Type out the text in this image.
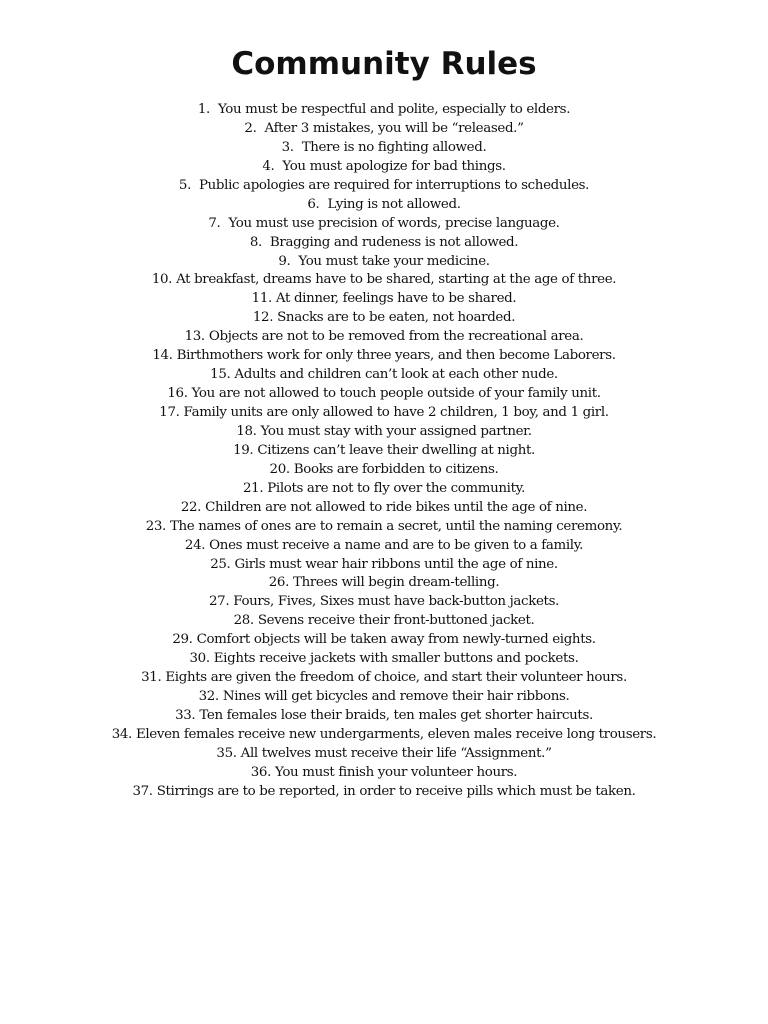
Community Rules
1. You must be respectful and polite, especially to elders.
2. After 3 mistakes, you will be “released.”
3. There is no fighting allowed.
4. You must apologize for bad things.
5. Public apologies are required for interruptions to schedules.
6. Lying is not allowed.
7. You must use precision of words, precise language.
8. Bragging and rudeness is not allowed.
9. You must take your medicine.
10. At breakfast, dreams have to be shared, starting at the age of three.
11. At dinner, feelings have to be shared.
12. Snacks are to be eaten, not hoarded.
13. Objects are not to be removed from the recreational area.
14. Birthmothers work for only three years, and then become Laborers.
15. Adults and children can’t look at each other nude.
16. You are not allowed to touch people outside of your family unit.
17. Family units are only allowed to have 2 children, 1 boy, and 1 girl.
18. You must stay with your assigned partner.
19. Citizens can’t leave their dwelling at night.
20. Books are forbidden to citizens.
21. Pilots are not to fly over the community.
22. Children are not allowed to ride bikes until the age of nine.
23. The names of ones are to remain a secret, until the naming ceremony.
24. Ones must receive a name and are to be given to a family.
25. Girls must wear hair ribbons until the age of nine.
26. Threes will begin dream-telling.
27. Fours, Fives, Sixes must have back-button jackets.
28. Sevens receive their front-buttoned jacket.
29. Comfort objects will be taken away from newly-turned eights.
30. Eights receive jackets with smaller buttons and pockets.
31. Eights are given the freedom of choice, and start their volunteer hours.
32. Nines will get bicycles and remove their hair ribbons.
33. Ten females lose their braids, ten males get shorter haircuts.
34. Eleven females receive new undergarments, eleven males receive long trousers.
35. All twelves must receive their life “Assignment.”
36. You must finish your volunteer hours.
37. Stirrings are to be reported, in order to receive pills which must be taken.
